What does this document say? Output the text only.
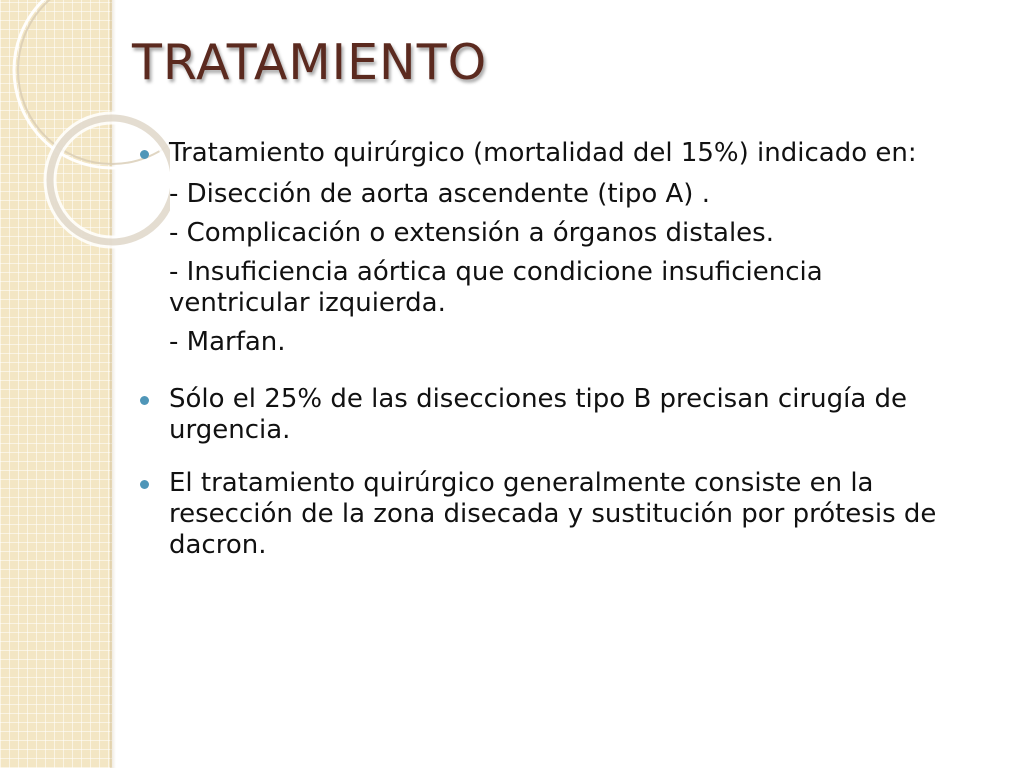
TRATAMIENTO
Tratamiento quirúrgico (mortalidad del 15%) indicado en:
- Disección de aorta ascendente (tipo A) .
- Complicación o extensión a órganos distales.
- Insuficiencia aórtica que condicione insuficiencia ventricular izquierda.
- Marfan.
Sólo el 25% de las disecciones tipo B precisan cirugía de urgencia.
El tratamiento quirúrgico generalmente consiste en la resección de la zona disecada y sustitución por prótesis de dacron.
